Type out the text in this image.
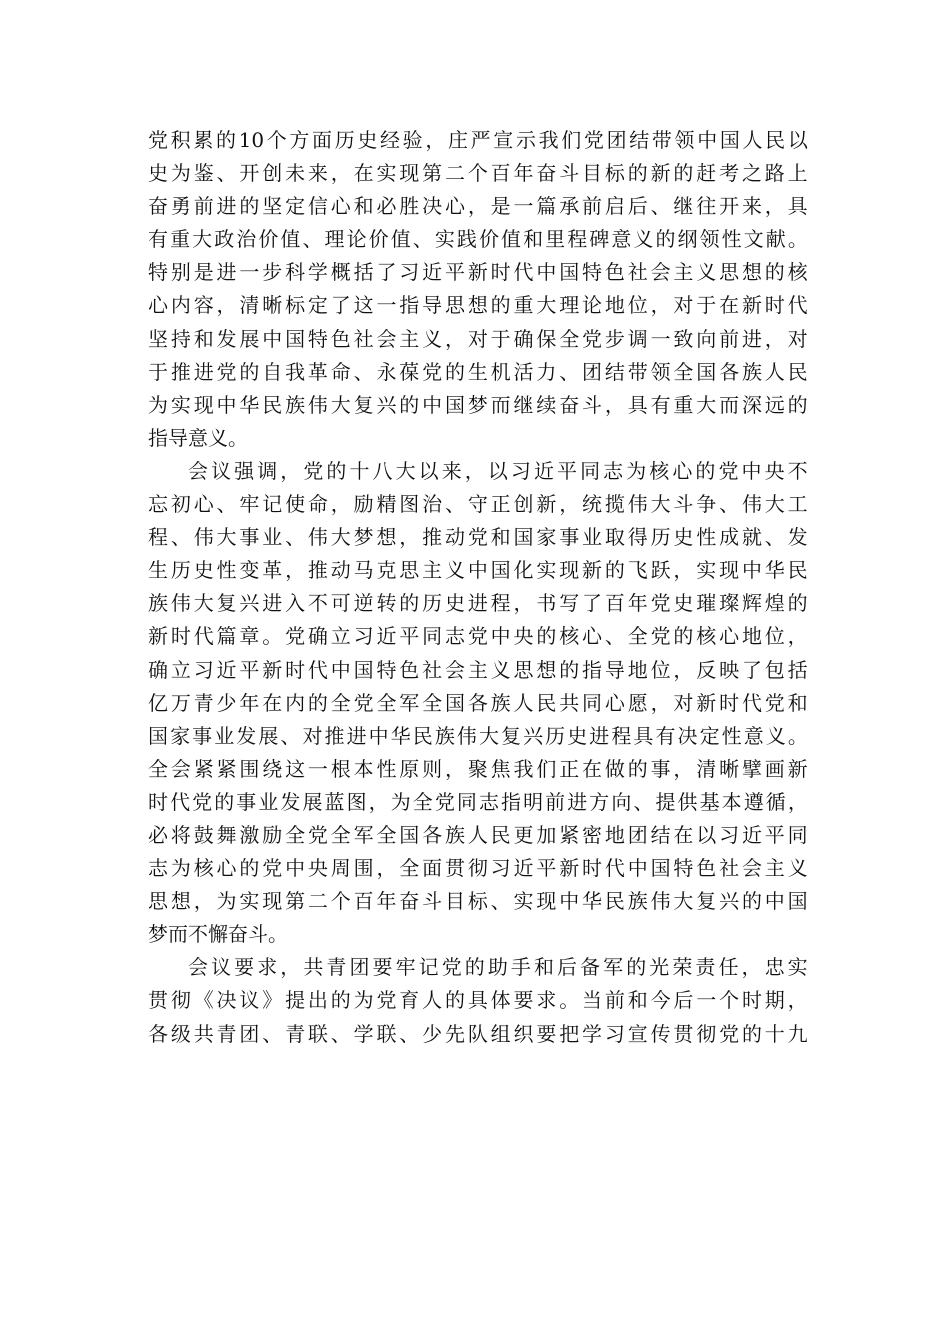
党 积 累 的 10 个 方 面 历 史 经 验 ， 庄 严 宣 示 我 们 党 团 结 带 领 中 国 人 民 以
史 为 鉴 、 开 创 未 来 ， 在 实 现 第 二 个 百 年 奋 斗 目 标 的 新 的 赶 考 之 路 上
奋 勇 前 进 的 坚 定 信 心 和 必 胜 决 心 ， 是 一 篇 承 前 启 后 、 继 往 开 来 ， 具
有 重 大 政 治 价 值 、 理 论 价 值 、 实 践 价 值 和 里 程 碑 意 义 的 纲 领 性 文 献 。
特 别 是 进 一 步 科 学 概 括 了 习 近 平 新 时 代 中 国 特 色 社 会 主 义 思 想 的 核
心 内 容 ， 清 晰 标 定 了 这 一 指 导 思 想 的 重 大 理 论 地 位 ， 对 于 在 新 时 代
坚 持 和 发 展 中 国 特 色 社 会 主 义 ， 对 于 确 保 全 党 步 调 一 致 向 前 进 ， 对
于 推 进 党 的 自 我 革 命 、 永 葆 党 的 生 机 活 力 、 团 结 带 领 全 国 各 族 人 民
为 实 现 中 华 民 族 伟 大 复 兴 的 中 国 梦 而 继 续 奋 斗 ， 具 有 重 大 而 深 远 的
指 导 意 义 。
会 议 强 调 ， 党 的 十 八 大 以 来 ， 以 习 近 平 同 志 为 核 心 的 党 中 央 不
忘 初 心 、 牢 记 使 命 ， 励 精 图 治 、 守 正 创 新 ， 统 揽 伟 大 斗 争 、 伟 大 工
程 、 伟 大 事 业 、 伟 大 梦 想 ， 推 动 党 和 国 家 事 业 取 得 历 史 性 成 就 、 发
生 历 史 性 变 革 ， 推 动 马 克 思 主 义 中 国 化 实 现 新 的 飞 跃 ， 实 现 中 华 民
族 伟 大 复 兴 进 入 不 可 逆 转 的 历 史 进 程 ， 书 写 了 百 年 党 史 璀 璨 辉 煌 的
新 时 代 篇 章 。 党 确 立 习 近 平 同 志 党 中 央 的 核 心 、 全 党 的 核 心 地 位 ，
确 立 习 近 平 新 时 代 中 国 特 色 社 会 主 义 思 想 的 指 导 地 位 ， 反 映 了 包 括
亿 万 青 少 年 在 内 的 全 党 全 军 全 国 各 族 人 民 共 同 心 愿 ， 对 新 时 代 党 和
国 家 事 业 发 展 、 对 推 进 中 华 民 族 伟 大 复 兴 历 史 进 程 具 有 决 定 性 意 义 。
全 会 紧 紧 围 绕 这 一 根 本 性 原 则 ， 聚 焦 我 们 正 在 做 的 事 ， 清 晰 擘 画 新
时 代 党 的 事 业 发 展 蓝 图 ， 为 全 党 同 志 指 明 前 进 方 向 、 提 供 基 本 遵 循 ，
必 将 鼓 舞 激 励 全 党 全 军 全 国 各 族 人 民 更 加 紧 密 地 团 结 在 以 习 近 平 同
志 为 核 心 的 党 中 央 周 围 ， 全 面 贯 彻 习 近 平 新 时 代 中 国 特 色 社 会 主 义
思 想 ， 为 实 现 第 二 个 百 年 奋 斗 目 标 、 实 现 中 华 民 族 伟 大 复 兴 的 中 国
梦 而 不 懈 奋 斗 。
会 议 要 求 ， 共 青 团 要 牢 记 党 的 助 手 和 后 备 军 的 光 荣 责 任 ， 忠 实
贯 彻 《 决 议 》 提 出 的 为 党 育 人 的 具 体 要 求 。 当 前 和 今 后 一 个 时 期 ，
各 级 共 青 团 、 青 联 、 学 联 、 少 先 队 组 织 要 把 学 习 宣 传 贯 彻 党 的 十 九
